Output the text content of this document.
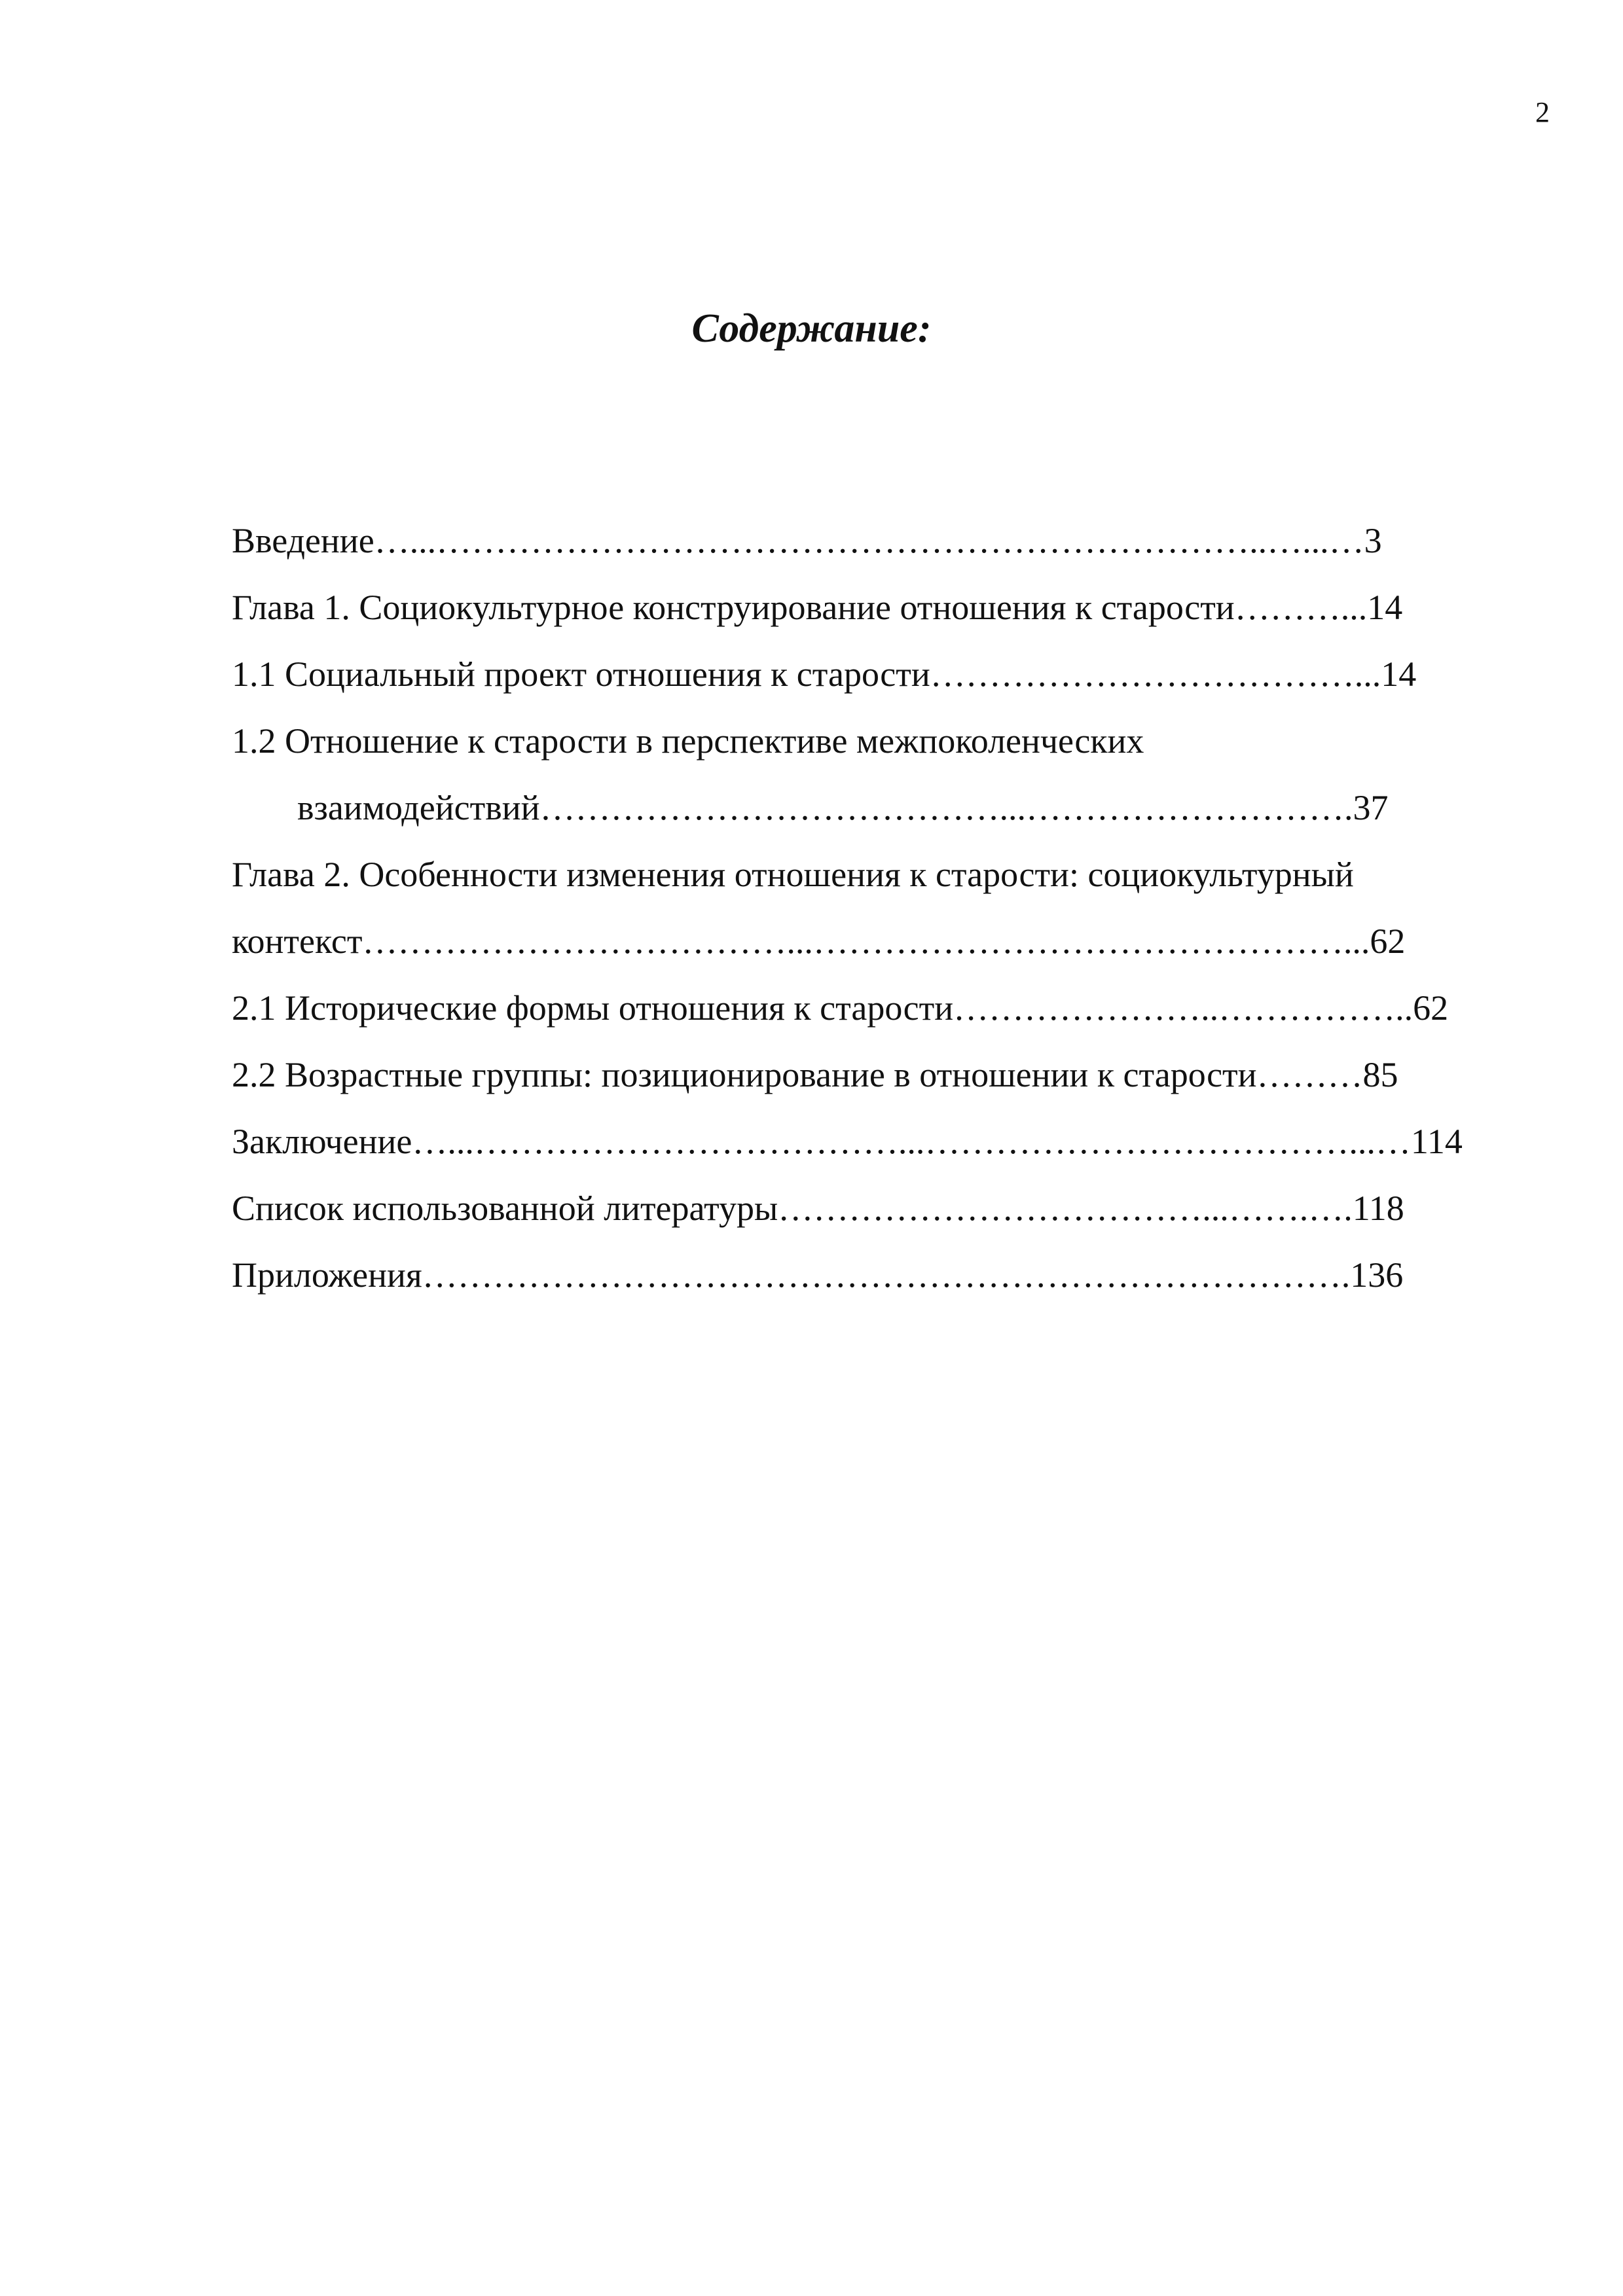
2
Содержание:
Введение…...……………………………………………………………..…...…3
Глава 1. Социокультурное конструирование отношения к старости………...14
1.1 Социальный проект отношения к старости………………………………...14
1.2 Отношение к старости в перспективе межпоколенческих
взаимодействий…………………………………...……………………….37
Глава 2. Особенности изменения отношения к старости: социокультурный
контекст………………………………...………………………………………...62
2.1 Исторические формы отношения к старости…………………..……………..62
2.2 Возрастные группы: позиционирование в отношении к старости………85
Заключение…...………………………………...………………………………...…114
Список использованной литературы………………………………...…….….118
Приложения…………………………………………………………………….136
